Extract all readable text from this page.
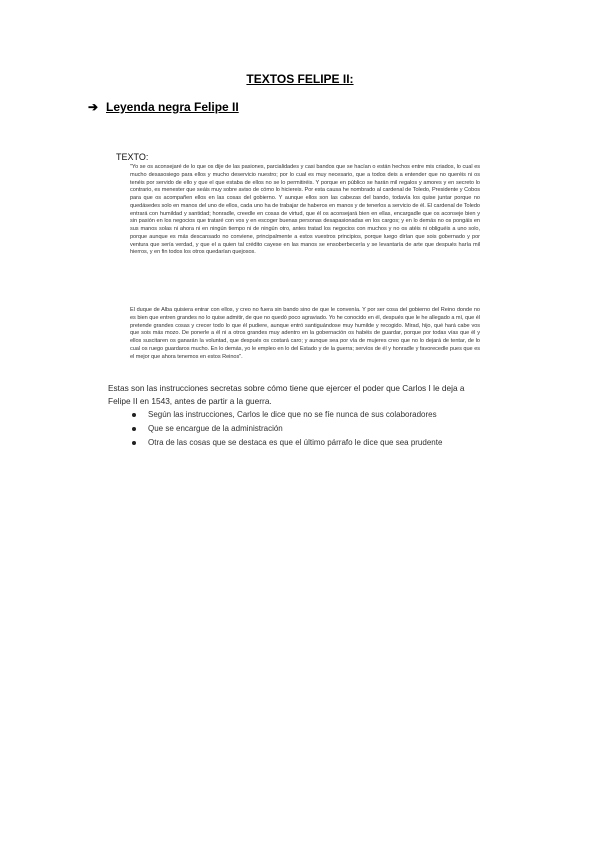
TEXTOS FELIPE II:
➔ Leyenda negra Felipe II
TEXTO:
"Yo se os aconsejaré de lo que os dije de las pasiones, parcialidades y casi bandos que se hacían o están hechos entre mis criados, lo cual es mucho desasosiego para ellos y mucho deservicio nuestro; por lo cual es muy necesario, que a todos deis a entender que no queréis ni os tenéis por servido de ello y que el que estaba de ellos no se lo permitiréis. Y porque en público se harán mil regalos y amores y en secreto lo contrario, es menester que seáis muy sobre aviso de cómo lo hiciereis. Por esta causa he nombrado al cardenal de Toledo, Presidente y Cobos para que os acompañen ellos en las cosas del gobierno. Y aunque ellos son las cabezas del bando, todavía los quise juntar porque no quedásedes solo en manos del uno de ellos, cada uno ha de trabajar de haberos en manos y de tenerlos a servicio de él. El cardenal de Toledo entrará con humildad y santidad; honradle, creedle en cosas de virtud, que él os aconsejará bien en ellas, encargadle que os aconseje bien y sin pasión en los negocios que trataré con vos y en escoger buenas personas desapasionadas en los cargos; y en lo demás no os pongáis en sus manos solas ni ahora ni en ningún tiempo ni de ningún otro, antes tratad los negocios con muchos y no os atéis ni obliguéis a uno solo, porque aunque es más descansado no conviene, principalmente a estos vuestros principios, porque luego dirían que sois gobernado y por ventura que sería verdad, y que el a quien tal crédito cayese en las manos se ensoberbecería y se levantaría de arte que después haría mil hierros, y en fin todos los otros quedarían quejosos.
El duque de Alba quisiera entrar con ellos, y creo no fuera sin bando sino de que le convenía. Y por ser cosa del gobierno del Reino donde no es bien que entren grandes no lo quise admitir, de que no quedó poco agraviado. Yo he conocido en él, después que le he allegado a mí, que él pretende grandes cosas y crecer todo lo que él pudiere, aunque entró santiguándose muy humilde y recogido. Mirad, hijo, qué hará cabe vos que sois más mozo. De ponerle a él ni a otros grandes muy adentro en la gobernación os habéis de guardar, porque por todas vías que él y ellos suscitaren os ganarán la voluntad, que después os costará caro; y aunque sea por vía de mujeres creo que no lo dejará de tentar, de lo cual os ruego guardaros mucho. En lo demás, yo le empleo en lo del Estado y de la guerra; servíos de él y honradle y favorecedle pues que es el mejor que ahora tenemos en estos Reinos".
Estas son las instrucciones secretas sobre cómo tiene que ejercer el poder que Carlos I le deja a Felipe II en 1543, antes de partir a la guerra.
Según las instrucciones, Carlos le dice que no se fíe nunca de sus colaboradores
Que se encargue de la administración
Otra de las cosas que se destaca es que el último párrafo le dice que sea prudente
